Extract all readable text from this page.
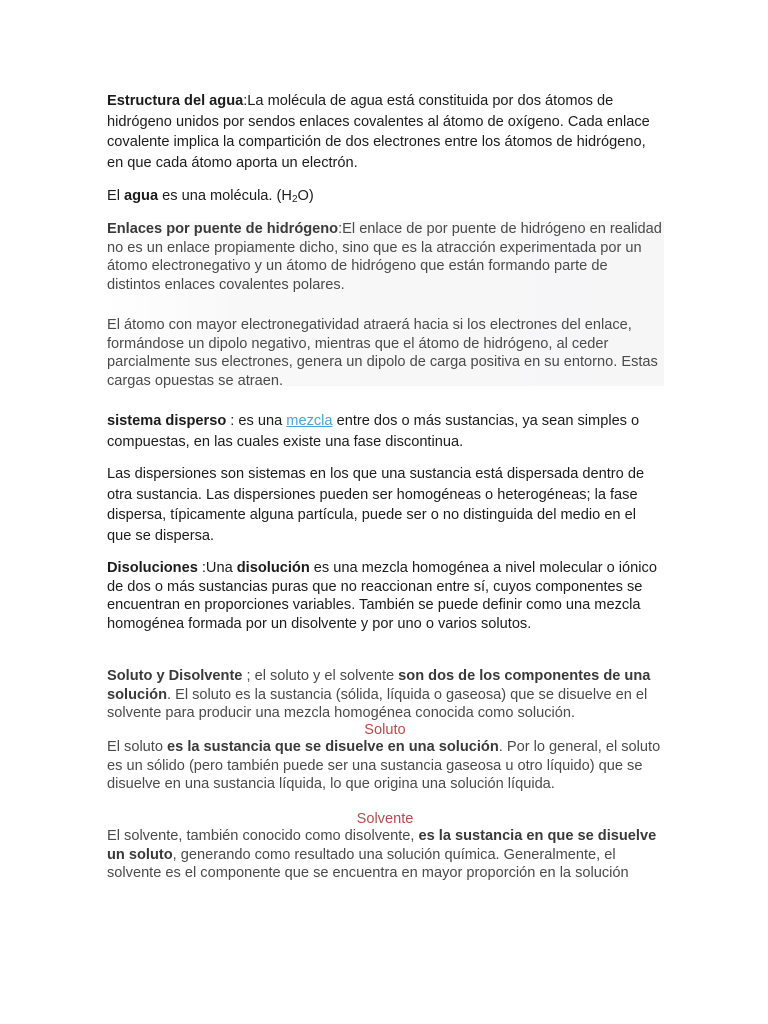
Estructura del agua:La molécula de agua está constituida por dos átomos de hidrógeno unidos por sendos enlaces covalentes al átomo de oxígeno. Cada enlace covalente implica la compartición de dos electrones entre los átomos de hidrógeno, en que cada átomo aporta un electrón.

El agua es una molécula. $(H_2O)$

Enlaces por puente de hidrógeno:El enlace de por puente de hidrógeno en realidad no es un enlace propiamente dicho, sino que es la atracción experimentada por un átomo electronegativo y un átomo de hidrógeno que están formando parte de distintos enlaces covalentes polares.

El átomo con mayor electronegatividad atraerá hacia si los electrones del enlace, formándose un dipolo negativo, mientras que el átomo de hidrógeno, al ceder parcialmente sus electrones, genera un dipolo de carga positiva en su entorno. Estas cargas opuestas se atraen.

sistema disperso : es una mezcla entre dos o más sustancias, ya sean simples o compuestas, en las cuales existe una fase discontinua.

Las dispersiones son sistemas en los que una sustancia está dispersada dentro de otra sustancia. Las dispersiones pueden ser homogéneas o heterogéneas; la fase dispersa, típicamente alguna partícula, puede ser o no distinguida del medio en el que se dispersa.

Disoluciones :Una disolución es una mezcla homogénea a nivel molecular o iónico de dos o más sustancias puras que no reaccionan entre sí, cuyos componentes se encuentran en proporciones variables. También se puede definir como una mezcla homogénea formada por un disolvente y por uno o varios solutos.

Soluto y Disolvente ; el soluto y el solvente son dos de los componentes de una solución. El soluto es la sustancia (sólida, líquida o gaseosa) que se disuelve en el solvente para producir una mezcla homogénea conocida como solución.

Soluto

El soluto es la sustancia que se disuelve en una solución. Por lo general, el soluto es un sólido (pero también puede ser una sustancia gaseosa u otro líquido) que se disuelve en una sustancia líquida, lo que origina una solución líquida.

Solvente

El solvente, también conocido como disolvente, es la sustancia en que se disuelve un soluto, generando como resultado una solución química. Generalmente, el solvente es el componente que se encuentra en mayor proporción en la solución
